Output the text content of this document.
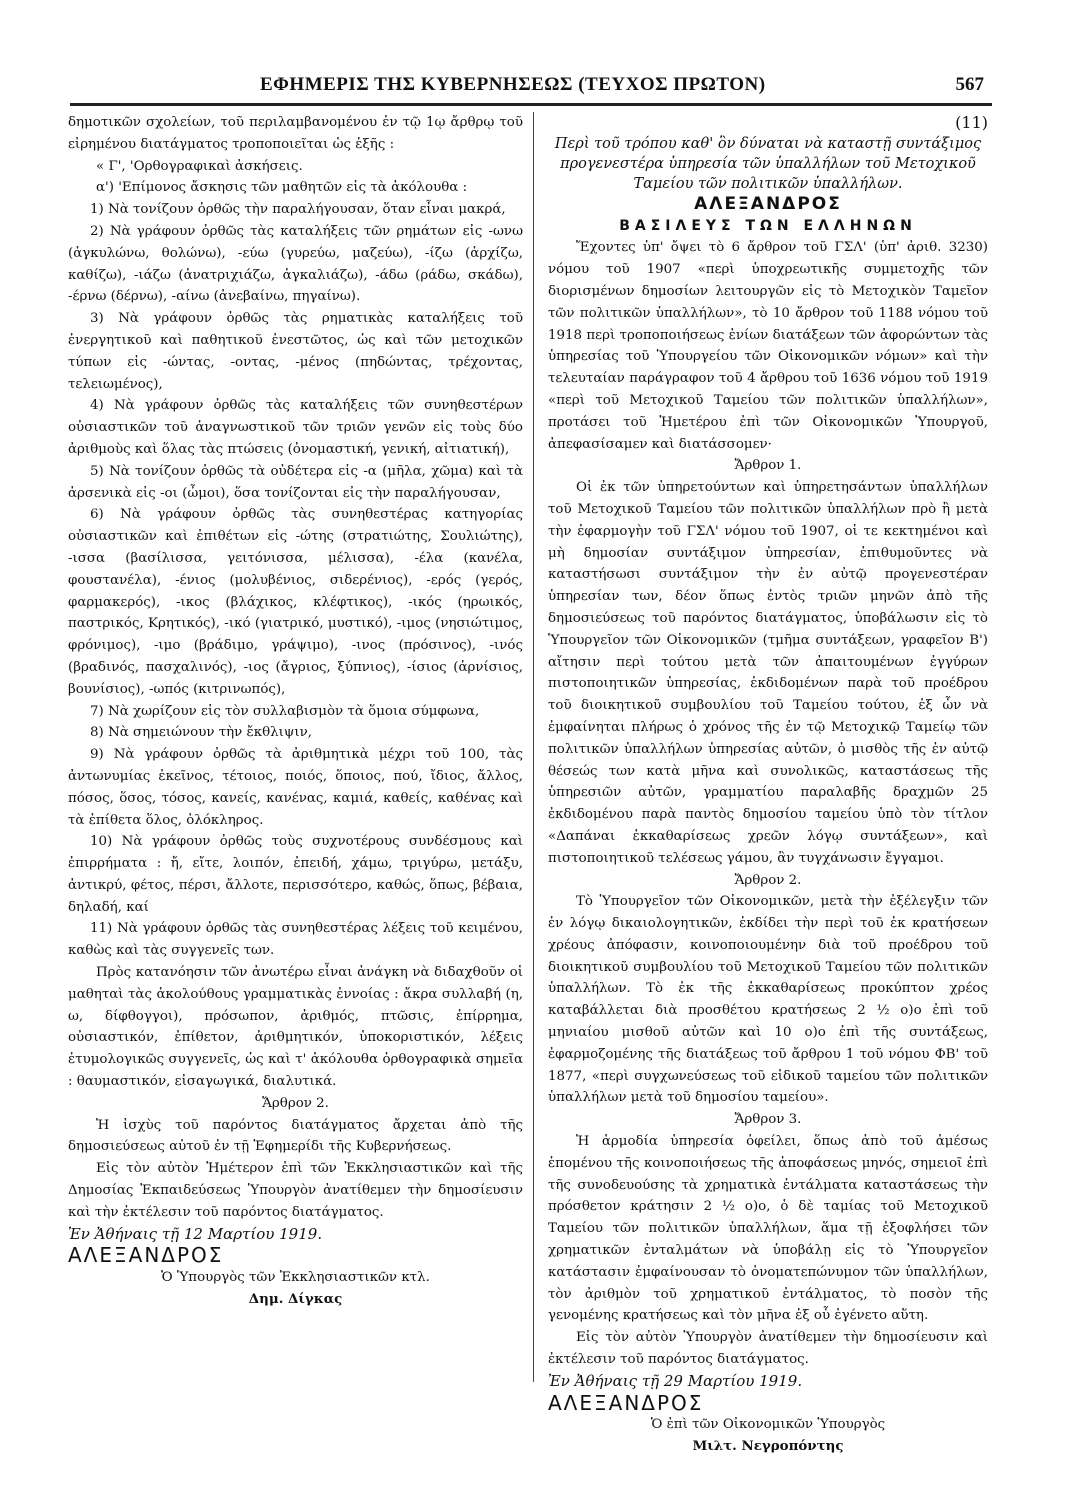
ΕΦΗΜΕΡΙΣ ΤΗΣ ΚΥΒΕΡΝΗΣΕΩΣ (ΤΕΥΧΟΣ ΠΡΩΤΟΝ)	567

δημοτικῶν σχολείων, τοῦ περιλαμβανομένου ἐν τῷ 1ῳ ἄρθρῳ τοῦ εἰρημένου διατάγματος τροποποιεῖται ὡς ἑξῆς :

« Γ', 'Ορθογραφικαὶ ἀσκήσεις.

α') 'Επίμονος ἄσκησις τῶν μαθητῶν εἰς τὰ ἀκόλουθα :

1) Νὰ τονίζουν ὀρθῶς τὴν παραλήγουσαν, ὅταν εἶναι μακρά,

2) Νὰ γράφουν ὀρθῶς τὰς καταλήξεις τῶν ρημάτων εἰς -ωνω (ἀγκυλώνω, θολώνω), -εύω (γυρεύω, μαζεύω), -ίζω (ἀρχίζω, καθίζω), -ιάζω (ἀνατριχιάζω, ἀγκαλιάζω), -άδω (ράδω, σκάδω), -έρνω (δέρνω), -αίνω (ἀνεβαίνω, πηγαίνω).

3) Νὰ γράφουν ὀρθῶς τὰς ρηματικὰς καταλήξεις τοῦ ἐνεργητικοῦ καὶ παθητικοῦ ἐνεστῶτος, ὡς καὶ τῶν μετοχικῶν τύπων εἰς -ώντας, -οντας, -μένος (πηδώντας, τρέχοντας, τελειωμένος),

4) Νὰ γράφουν ὀρθῶς τὰς καταλήξεις τῶν συνηθεστέρων οὐσιαστικῶν τοῦ ἀναγνωστικοῦ τῶν τριῶν γενῶν εἰς τοὺς δύο ἀριθμοὺς καὶ ὅλας τὰς πτώσεις (ὀνομαστική, γενική, αἰτιατική),

5) Νὰ τονίζουν ὀρθῶς τὰ οὐδέτερα εἰς -α (μῆλα, χῶμα) καὶ τὰ ἀρσενικὰ εἰς -οι (ὦμοι), ὅσα τονίζονται εἰς τὴν παραλήγουσαν,

6) Νὰ γράφουν ὀρθῶς τὰς συνηθεστέρας κατηγορίας οὐσιαστικῶν καὶ ἐπιθέτων εἰς -ώτης (στρατιώτης, Σουλιώτης), -ισσα (βασίλισσα, γειτόνισσα, μέλισσα), -έλα (κανέλα, φουστανέλα), -ένιος (μολυβένιος, σιδερένιος), -ερός (γερός, φαρμακερός), -ικος (βλάχικος, κλέφτικος), -ικός (ηρωικός, παστρικός, Κρητικός), -ικό (γιατρικό, μυστικό), -ιμος (νησιώτιμος, φρόνιμος), -ιμο (βράδιμο, γράψιμο), -ινος (πρόσινος), -ινός (βραδινός, πασχαλινός), -ιος (ἄγριος, ξύπνιος), -ίσιος (ἀρνίσιος, βουνίσιος), -ωπός (κιτρινωπός),

7) Νὰ χωρίζουν εἰς τὸν συλλαβισμὸν τὰ ὅμοια σύμφωνα,

8) Νὰ σημειώνουν τὴν ἔκθλιψιν,

9) Νὰ γράφουν ὀρθῶς τὰ ἀριθμητικὰ μέχρι τοῦ 100, τὰς ἀντωνυμίας ἐκεῖνος, τέτοιος, ποιός, ὅποιος, πού, ἴδιος, ἄλλος, πόσος, ὅσος, τόσος, κανείς, κανένας, καμιά, καθείς, καθένας καὶ τὰ ἐπίθετα ὅλος, ὁλόκληρος.

10) Νὰ γράφουν ὀρθῶς τοὺς συχνοτέρους συνδέσμους καὶ ἐπιρρήματα : ἤ, εἴτε, λοιπόν, ἐπειδή, χάμω, τριγύρω, μετάξυ, ἀντικρύ, φέτος, πέρσι, ἄλλοτε, περισσότερο, καθώς, ὅπως, βέβαια, δηλαδή, καί

11) Νὰ γράφουν ὀρθῶς τὰς συνηθεστέρας λέξεις τοῦ κειμένου, καθὼς καὶ τὰς συγγενεῖς των.

Πρὸς κατανόησιν τῶν ἀνωτέρω εἶναι ἀνάγκη νὰ διδαχθοῦν οἱ μαθηταὶ τὰς ἀκολούθους γραμματικὰς ἐννοίας : ἄκρα συλλαβή (η, ω, δίφθογγοι), πρόσωπον, ἀριθμός, πτῶσις, ἐπίρρημα, οὐσιαστικόν, ἐπίθετον, ἀριθμητικόν, ὑποκοριστικόν, λέξεις ἐτυμολογικῶς συγγενεῖς, ὡς καὶ τ' ἀκόλουθα ὀρθογραφικὰ σημεῖα : θαυμαστικόν, εἰσαγωγικά, διαλυτικά.

Ἄρθρον 2.

Ἡ ἰσχὺς τοῦ παρόντος διατάγματος ἄρχεται ἀπὸ τῆς δημοσιεύσεως αὐτοῦ ἐν τῇ Ἐφημερίδι τῆς Κυβερνήσεως.

Εἰς τὸν αὐτὸν Ἡμέτερον ἐπὶ τῶν Ἐκκλησιαστικῶν καὶ τῆς Δημοσίας Ἐκπαιδεύσεως Ὑπουργὸν ἀνατίθεμεν τὴν δημοσίευσιν καὶ τὴν ἐκτέλεσιν τοῦ παρόντος διατάγματος.

Ἐν Ἀθήναις τῇ 12 Μαρτίου 1919.

ΑΛΕΞΑΝΔΡΟΣ

Ὁ Ὑπουργὸς τῶν Ἐκκλησιαστικῶν κτλ.

Δημ. Δίγκας

(11)

Περὶ τοῦ τρόπου καθ' ὃν δύναται νὰ καταστῇ συντάξιμος προγενεστέρα ὑπηρεσία τῶν ὑπαλλήλων τοῦ Μετοχικοῦ Ταμείου τῶν πολιτικῶν ὑπαλλήλων.

ΑΛΕΞΑΝΔΡΟΣ

ΒΑΣΙΛΕΥΣ ΤΩΝ ΕΛΛΗΝΩΝ

Ἔχοντες ὑπ' ὄψει τὸ 6 ἄρθρον τοῦ ΓΣΛ' (ὑπ' ἀριθ. 3230) νόμου τοῦ 1907 «περὶ ὑποχρεωτικῆς συμμετοχῆς τῶν διορισμένων δημοσίων λειτουργῶν εἰς τὸ Μετοχικὸν Ταμεῖον τῶν πολιτικῶν ὑπαλλήλων», τὸ 10 ἄρθρον τοῦ 1188 νόμου τοῦ 1918 περὶ τροποποιήσεως ἐνίων διατάξεων τῶν ἀφορώντων τὰς ὑπηρεσίας τοῦ Ὑπουργείου τῶν Οἰκονομικῶν νόμων» καὶ τὴν τελευταίαν παράγραφον τοῦ 4 ἄρθρου τοῦ 1636 νόμου τοῦ 1919 «περὶ τοῦ Μετοχικοῦ Ταμείου τῶν πολιτικῶν ὑπαλλήλων», προτάσει τοῦ Ἡμετέρου ἐπὶ τῶν Οἰκονομικῶν Ὑπουργοῦ, ἀπεφασίσαμεν καὶ διατάσσομεν·

Ἄρθρον 1.

Οἱ ἐκ τῶν ὑπηρετούντων καὶ ὑπηρετησάντων ὑπαλλήλων τοῦ Μετοχικοῦ Ταμείου τῶν πολιτικῶν ὑπαλλήλων πρὸ ἢ μετὰ τὴν ἐφαρμογὴν τοῦ ΓΣΛ' νόμου τοῦ 1907, οἱ τε κεκτημένοι καὶ μὴ δημοσίαν συντάξιμον ὑπηρεσίαν, ἐπιθυμοῦντες νὰ καταστήσωσι συντάξιμον τὴν ἐν αὐτῷ προγενεστέραν ὑπηρεσίαν των, δέον ὅπως ἐντὸς τριῶν μηνῶν ἀπὸ τῆς δημοσιεύσεως τοῦ παρόντος διατάγματος, ὑποβάλωσιν εἰς τὸ Ὑπουργεῖον τῶν Οἰκονομικῶν (τμῆμα συντάξεων, γραφεῖον Β') αἴτησιν περὶ τούτου μετὰ τῶν ἀπαιτουμένων ἐγγύρων πιστοποιητικῶν ὑπηρεσίας, ἐκδιδομένων παρὰ τοῦ προέδρου τοῦ διοικητικοῦ συμβουλίου τοῦ Ταμείου τούτου, ἐξ ὧν νὰ ἐμφαίνηται πλήρως ὁ χρόνος τῆς ἐν τῷ Μετοχικῷ Ταμείῳ τῶν πολιτικῶν ὑπαλλήλων ὑπηρεσίας αὐτῶν, ὁ μισθὸς τῆς ἐν αὐτῷ θέσεώς των κατὰ μῆνα καὶ συνολικῶς, καταστάσεως τῆς ὑπηρεσιῶν αὐτῶν, γραμματίου παραλαβῆς δραχμῶν 25 ἐκδιδομένου παρὰ παντὸς δημοσίου ταμείου ὑπὸ τὸν τίτλον «Δαπάναι ἐκκαθαρίσεως χρεῶν λόγῳ συντάξεων», καὶ πιστοποιητικοῦ τελέσεως γάμου, ἂν τυγχάνωσιν ἔγγαμοι.

Ἄρθρον 2.

Τὸ Ὑπουργεῖον τῶν Οἰκονομικῶν, μετὰ τὴν ἐξέλεγξιν τῶν ἐν λόγῳ δικαιολογητικῶν, ἐκδίδει τὴν περὶ τοῦ ἐκ κρατήσεων χρέους ἀπόφασιν, κοινοποιουμένην διὰ τοῦ προέδρου τοῦ διοικητικοῦ συμβουλίου τοῦ Μετοχικοῦ Ταμείου τῶν πολιτικῶν ὑπαλλήλων. Τὸ ἐκ τῆς ἐκκαθαρίσεως προκύπτον χρέος καταβάλλεται διὰ προσθέτου κρατήσεως 2 ½ ο)ο ἐπὶ τοῦ μηνιαίου μισθοῦ αὐτῶν καὶ 10 ο)ο ἐπὶ τῆς συντάξεως, ἐφαρμοζομένης τῆς διατάξεως τοῦ ἄρθρου 1 τοῦ νόμου ΦΒ' τοῦ 1877, «περὶ συγχωνεύσεως τοῦ εἰδικοῦ ταμείου τῶν πολιτικῶν ὑπαλλήλων μετὰ τοῦ δημοσίου ταμείου».

Ἄρθρον 3.

Ἡ ἁρμοδία ὑπηρεσία ὀφείλει, ὅπως ἀπὸ τοῦ ἀμέσως ἑπομένου τῆς κοινοποιήσεως τῆς ἀποφάσεως μηνός, σημειοῖ ἐπὶ τῆς συνοδευούσης τὰ χρηματικὰ ἐντάλματα καταστάσεως τὴν πρόσθετον κράτησιν 2 ½ ο)ο, ὁ δὲ ταμίας τοῦ Μετοχικοῦ Ταμείου τῶν πολιτικῶν ὑπαλλήλων, ἅμα τῇ ἐξοφλήσει τῶν χρηματικῶν ἐνταλμάτων νὰ ὑποβάλῃ εἰς τὸ Ὑπουργεῖον κατάστασιν ἐμφαίνουσαν τὸ ὀνοματεπώνυμον τῶν ὑπαλλήλων, τὸν ἀριθμὸν τοῦ χρηματικοῦ ἐντάλματος, τὸ ποσὸν τῆς γενομένης κρατήσεως καὶ τὸν μῆνα ἐξ οὗ ἐγένετο αὕτη.

Εἰς τὸν αὐτὸν Ὑπουργὸν ἀνατίθεμεν τὴν δημοσίευσιν καὶ ἐκτέλεσιν τοῦ παρόντος διατάγματος.

Ἐν Ἀθήναις τῇ 29 Μαρτίου 1919.

ΑΛΕΞΑΝΔΡΟΣ

Ὁ ἐπὶ τῶν Οἰκονομικῶν Ὑπουργὸς

Μιλτ. Νεγροπόντης
